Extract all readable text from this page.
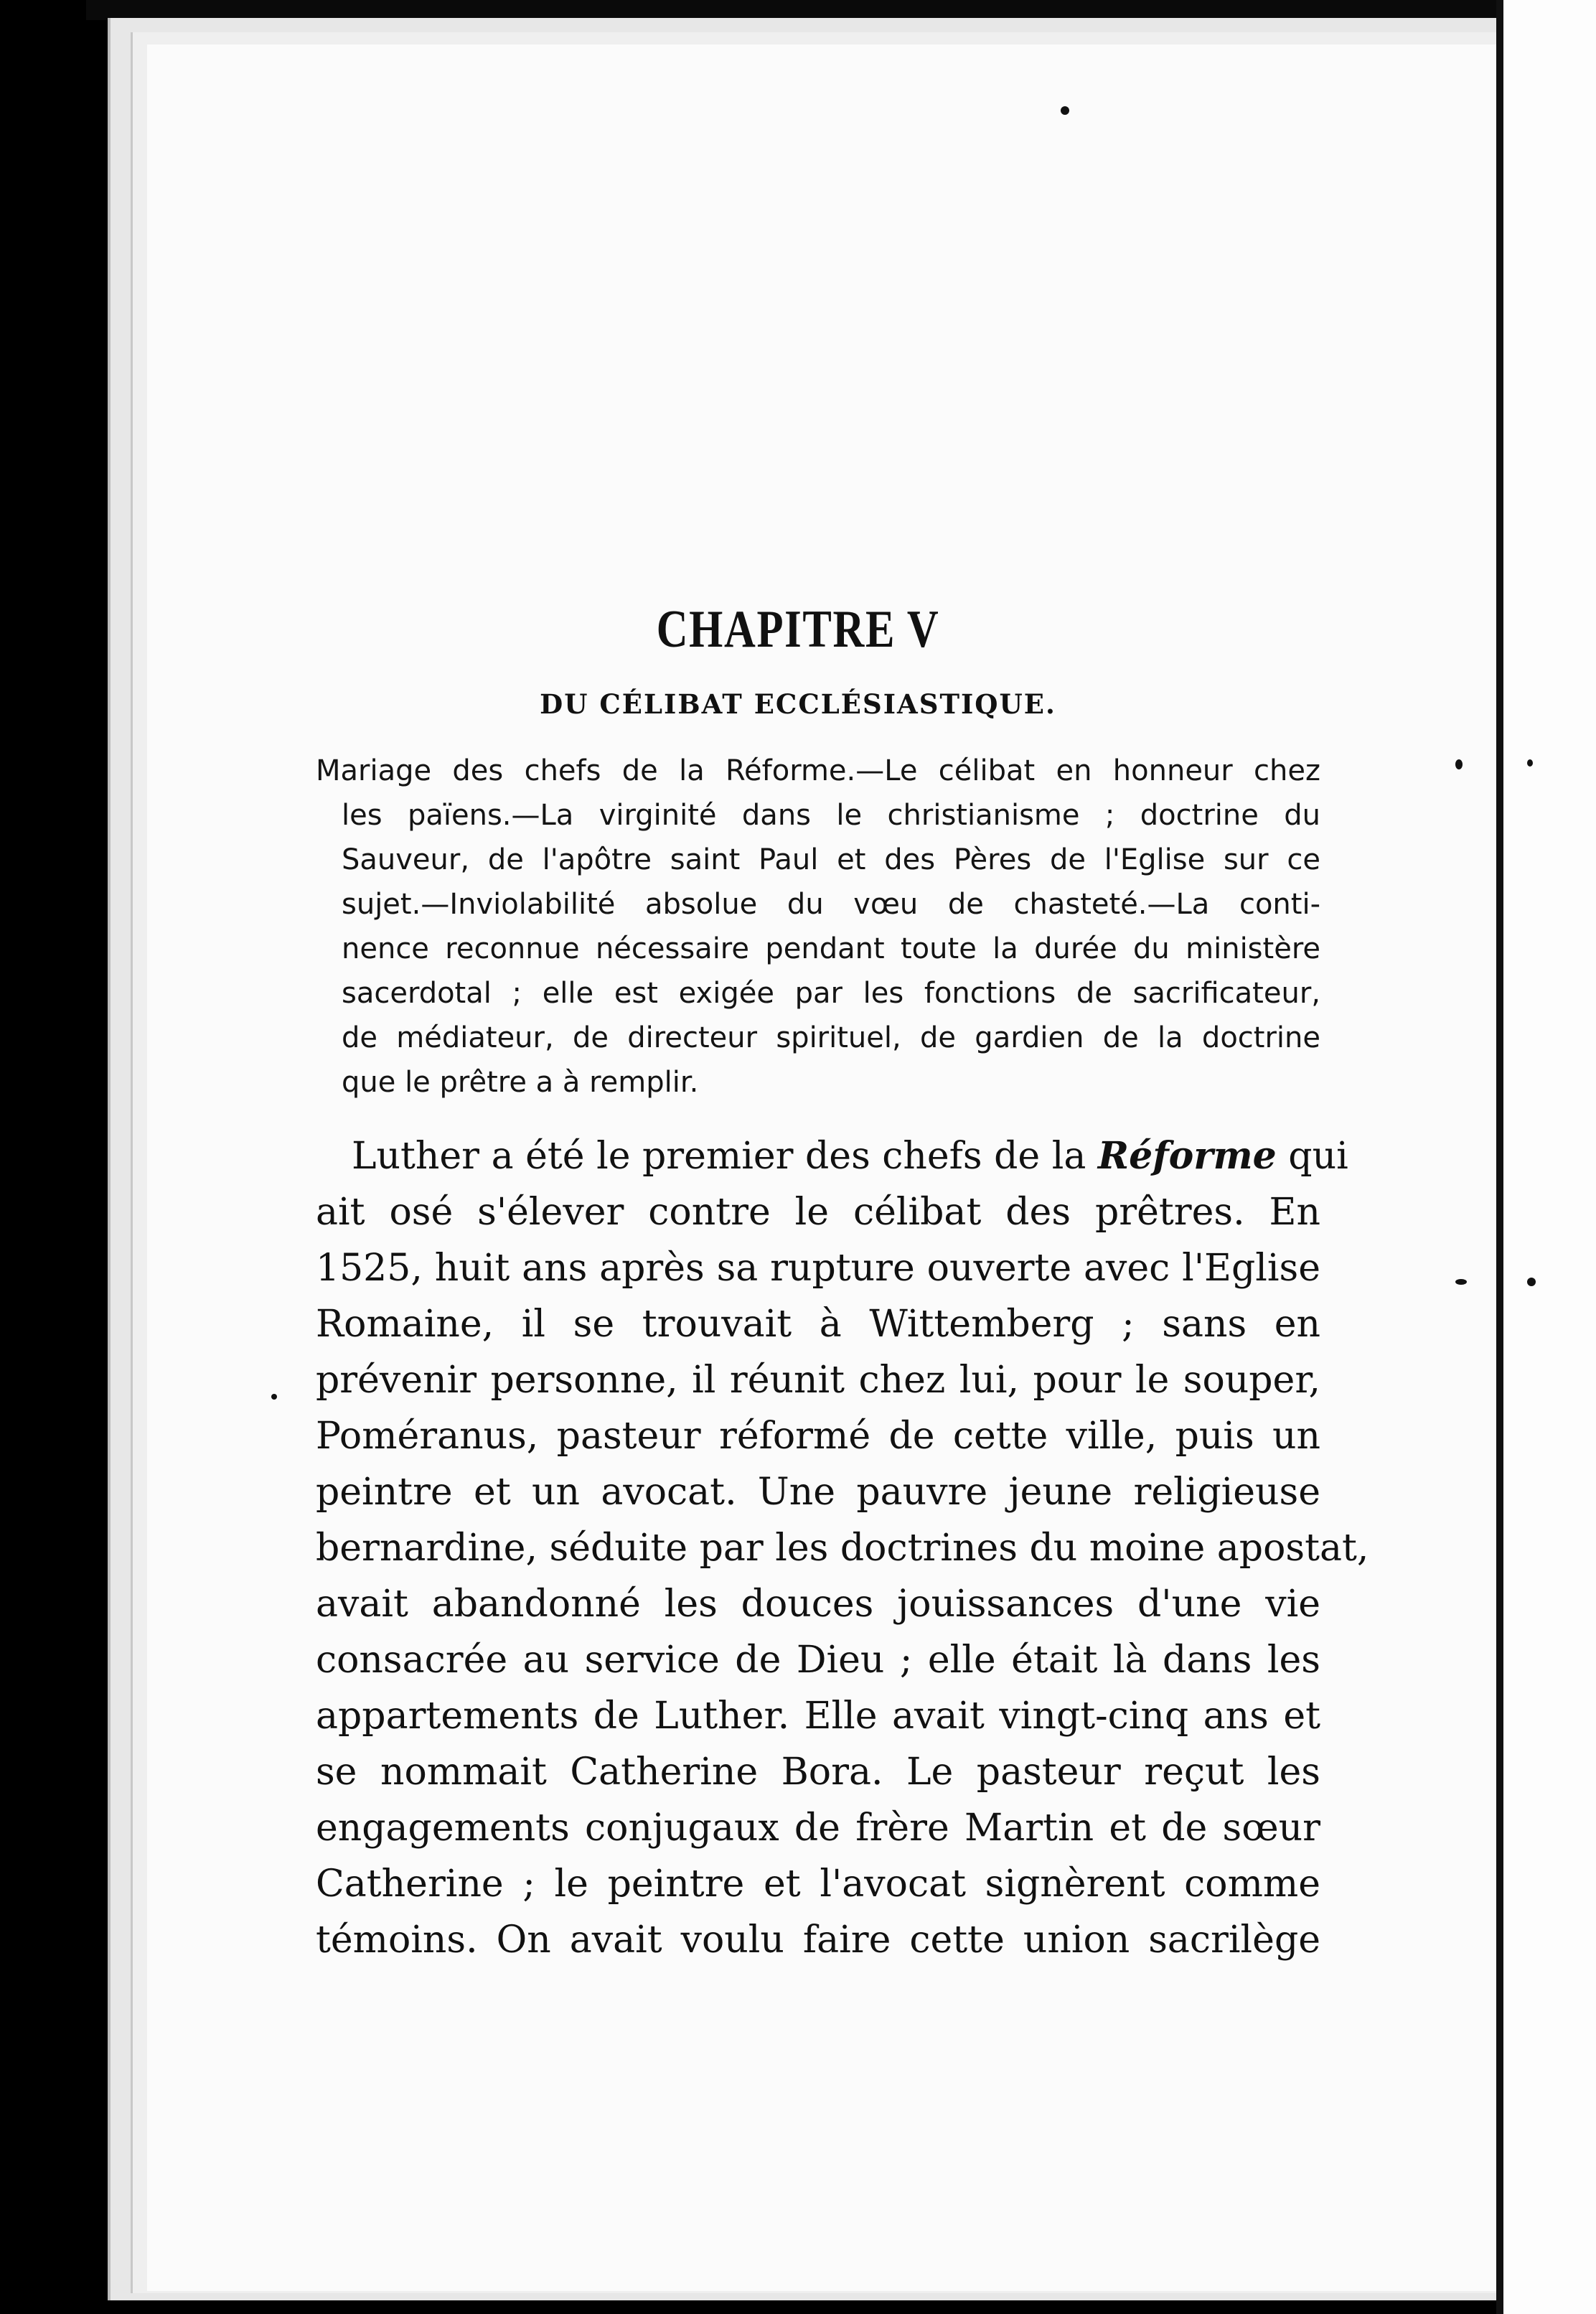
CHAPITRE V
DU CÉLIBAT ECCLÉSIASTIQUE.

Mariage des chefs de la Réforme.—Le célibat en honneur chez
les païens.—La virginité dans le christianisme ; doctrine du
Sauveur, de l'apôtre saint Paul et des Pères de l'Eglise sur ce
sujet.—Inviolabilité absolue du vœu de chasteté.—La conti-
nence reconnue nécessaire pendant toute la durée du ministère
sacerdotal ; elle est exigée par les fonctions de sacrificateur,
de médiateur, de directeur spirituel, de gardien de la doctrine
que le prêtre a à remplir.

Luther a été le premier des chefs de la Réforme qui
ait osé s'élever contre le célibat des prêtres. En
1525, huit ans après sa rupture ouverte avec l'Eglise
Romaine, il se trouvait à Wittemberg ; sans en
prévenir personne, il réunit chez lui, pour le souper,
Poméranus, pasteur réformé de cette ville, puis un
peintre et un avocat. Une pauvre jeune religieuse
bernardine, séduite par les doctrines du moine apostat,
avait abandonné les douces jouissances d'une vie
consacrée au service de Dieu ; elle était là dans les
appartements de Luther. Elle avait vingt-cinq ans et
se nommait Catherine Bora. Le pasteur reçut les
engagements conjugaux de frère Martin et de sœur
Catherine ; le peintre et l'avocat signèrent comme
témoins. On avait voulu faire cette union sacrilège
